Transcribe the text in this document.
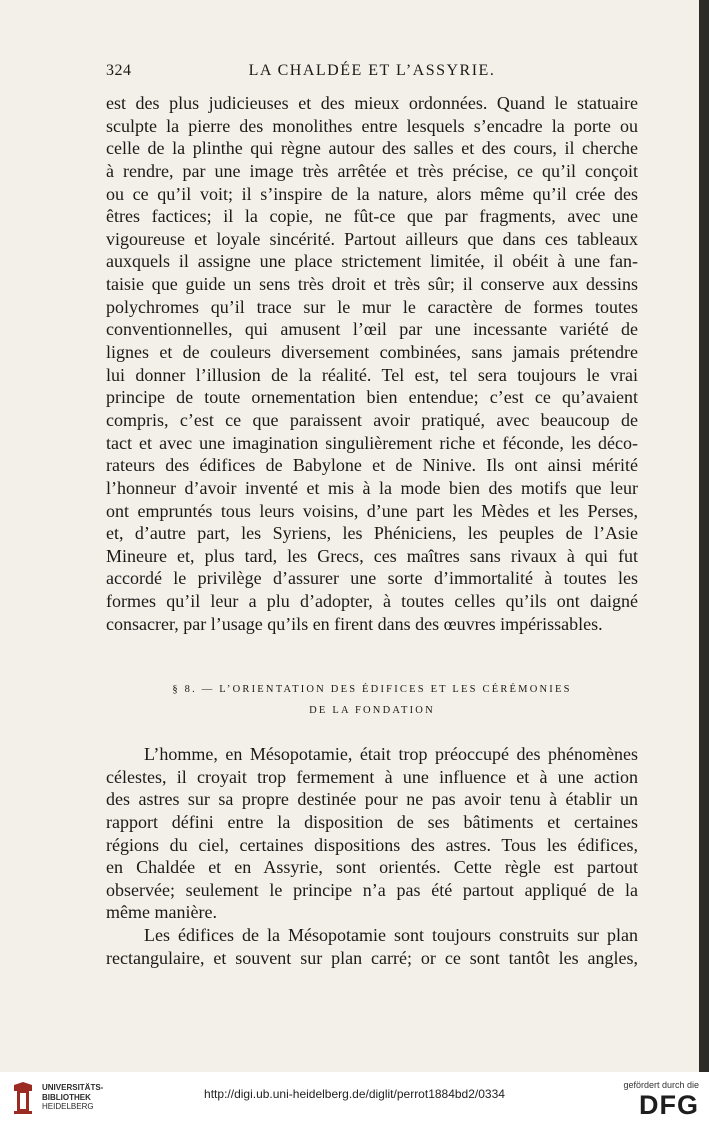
324	LA CHALDÉE ET L’ASSYRIE.
est des plus judicieuses et des mieux ordonnées. Quand le statuaire
sculpte la pierre des monolithes entre lesquels s’encadre la porte ou
celle de la plinthe qui règne autour des salles et des cours, il cherche
à rendre, par une image très arrêtée et très précise, ce qu’il conçoit
ou ce qu’il voit; il s’inspire de la nature, alors même qu’il crée des
êtres factices; il la copie, ne fût-ce que par fragments, avec une
vigoureuse et loyale sincérité. Partout ailleurs que dans ces tableaux
auxquels il assigne une place strictement limitée, il obéit à une fan-
taisie que guide un sens très droit et très sûr; il conserve aux dessins
polychromes qu’il trace sur le mur le caractère de formes toutes
conventionnelles, qui amusent l’œil par une incessante variété de
lignes et de couleurs diversement combinées, sans jamais prétendre
lui donner l’illusion de la réalité. Tel est, tel sera toujours le vrai
principe de toute ornementation bien entendue; c’est ce qu’avaient
compris, c’est ce que paraissent avoir pratiqué, avec beaucoup de
tact et avec une imagination singulièrement riche et féconde, les déco-
rateurs des édifices de Babylone et de Ninive. Ils ont ainsi mérité
l’honneur d’avoir inventé et mis à la mode bien des motifs que leur
ont empruntés tous leurs voisins, d’une part les Mèdes et les Perses,
et, d’autre part, les Syriens, les Phéniciens, les peuples de l’Asie
Mineure et, plus tard, les Grecs, ces maîtres sans rivaux à qui fut
accordé le privilège d’assurer une sorte d’immortalité à toutes les
formes qu’il leur a plu d’adopter, à toutes celles qu’ils ont daigné
consacrer, par l’usage qu’ils en firent dans des œuvres impérissables.
§ 8. — L’ORIENTATION DES ÉDIFICES ET LES CÉRÉMONIES
DE LA FONDATION
L’homme, en Mésopotamie, était trop préoccupé des phénomènes
célestes, il croyait trop fermement à une influence et à une action
des astres sur sa propre destinée pour ne pas avoir tenu à établir un
rapport défini entre la disposition de ses bâtiments et certaines
régions du ciel, certaines dispositions des astres. Tous les édifices,
en Chaldée et en Assyrie, sont orientés. Cette règle est partout
observée; seulement le principe n’a pas été partout appliqué de la
même manière.
Les édifices de la Mésopotamie sont toujours construits sur plan
rectangulaire, et souvent sur plan carré; or ce sont tantôt les angles,
UNIVERSITÄTS-
BIBLIOTHEK
HEIDELBERG
http://digi.ub.uni-heidelberg.de/diglit/perrot1884bd2/0334
gefördert durch die
DFG
